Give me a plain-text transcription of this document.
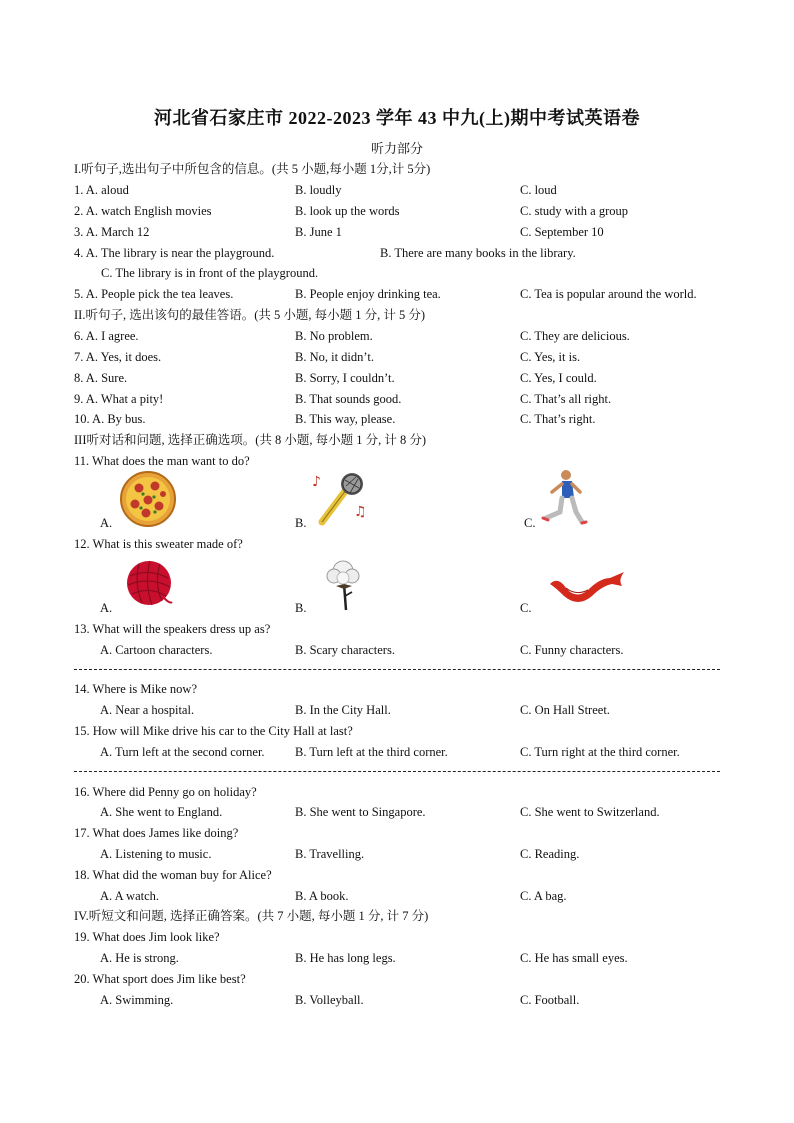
河北省石家庄市 2022-2023 学年 43 中九(上)期中考试英语卷
听力部分
I.听句子,选出句子中所包含的信息。(共 5 小题,每小题 1分,计 5分)
1. A. aloud	B. loudly	C. loud
2. A. watch English movies	B. look up the words	C. study with a group
3. A. March 12	B. June 1	C. September 10
4. A. The library is near the playground.	B. There are many books in the library.
C. The library is in front of the playground.
5. A. People pick the tea leaves.	B. People enjoy drinking tea.	C. Tea is popular around the world.
II.听句子, 选出该句的最佳答语。(共 5 小题, 每小题 1 分, 计 5 分)
6. A. I agree.	B. No problem.	C. They are delicious.
7. A. Yes, it does.	B. No, it didn’t.	C. Yes, it is.
8. A. Sure.	B. Sorry, I couldn’t.	C. Yes, I could.
9. A. What a pity!	B. That sounds good.	C. That’s all right.
10. A. By bus.	B. This way, please.	C. That’s right.
III听对话和问题, 选择正确选项。(共 8 小题, 每小题 1 分, 计 8 分)
11. What does the man want to do?
A.	B.
♪
♫
C.
12. What is this sweater made of?
A.	B.	C.
13. What will the speakers dress up as?
A. Cartoon characters.	B. Scary characters.	C. Funny characters.
14. Where is Mike now?
A. Near a hospital.	B. In the City Hall.	C. On Hall Street.
15. How will Mike drive his car to the City Hall at last?
A. Turn left at the second corner. B. Turn left at the third corner.	C. Turn right at the third corner.
16. Where did Penny go on holiday?
A. She went to England.	B. She went to Singapore.	C. She went to Switzerland.
17. What does James like doing?
A. Listening to music.	B. Travelling.	C. Reading.
18. What did the woman buy for Alice?
A. A watch.	B. A book.	C. A bag.
IV.听短文和问题, 选择正确答案。(共 7 小题, 每小题 1 分, 计 7 分)
19. What does Jim look like?
A. He is strong.	B. He has long legs.	C. He has small eyes.
20. What sport does Jim like best?
A. Swimming.	B. Volleyball.	C. Football.
